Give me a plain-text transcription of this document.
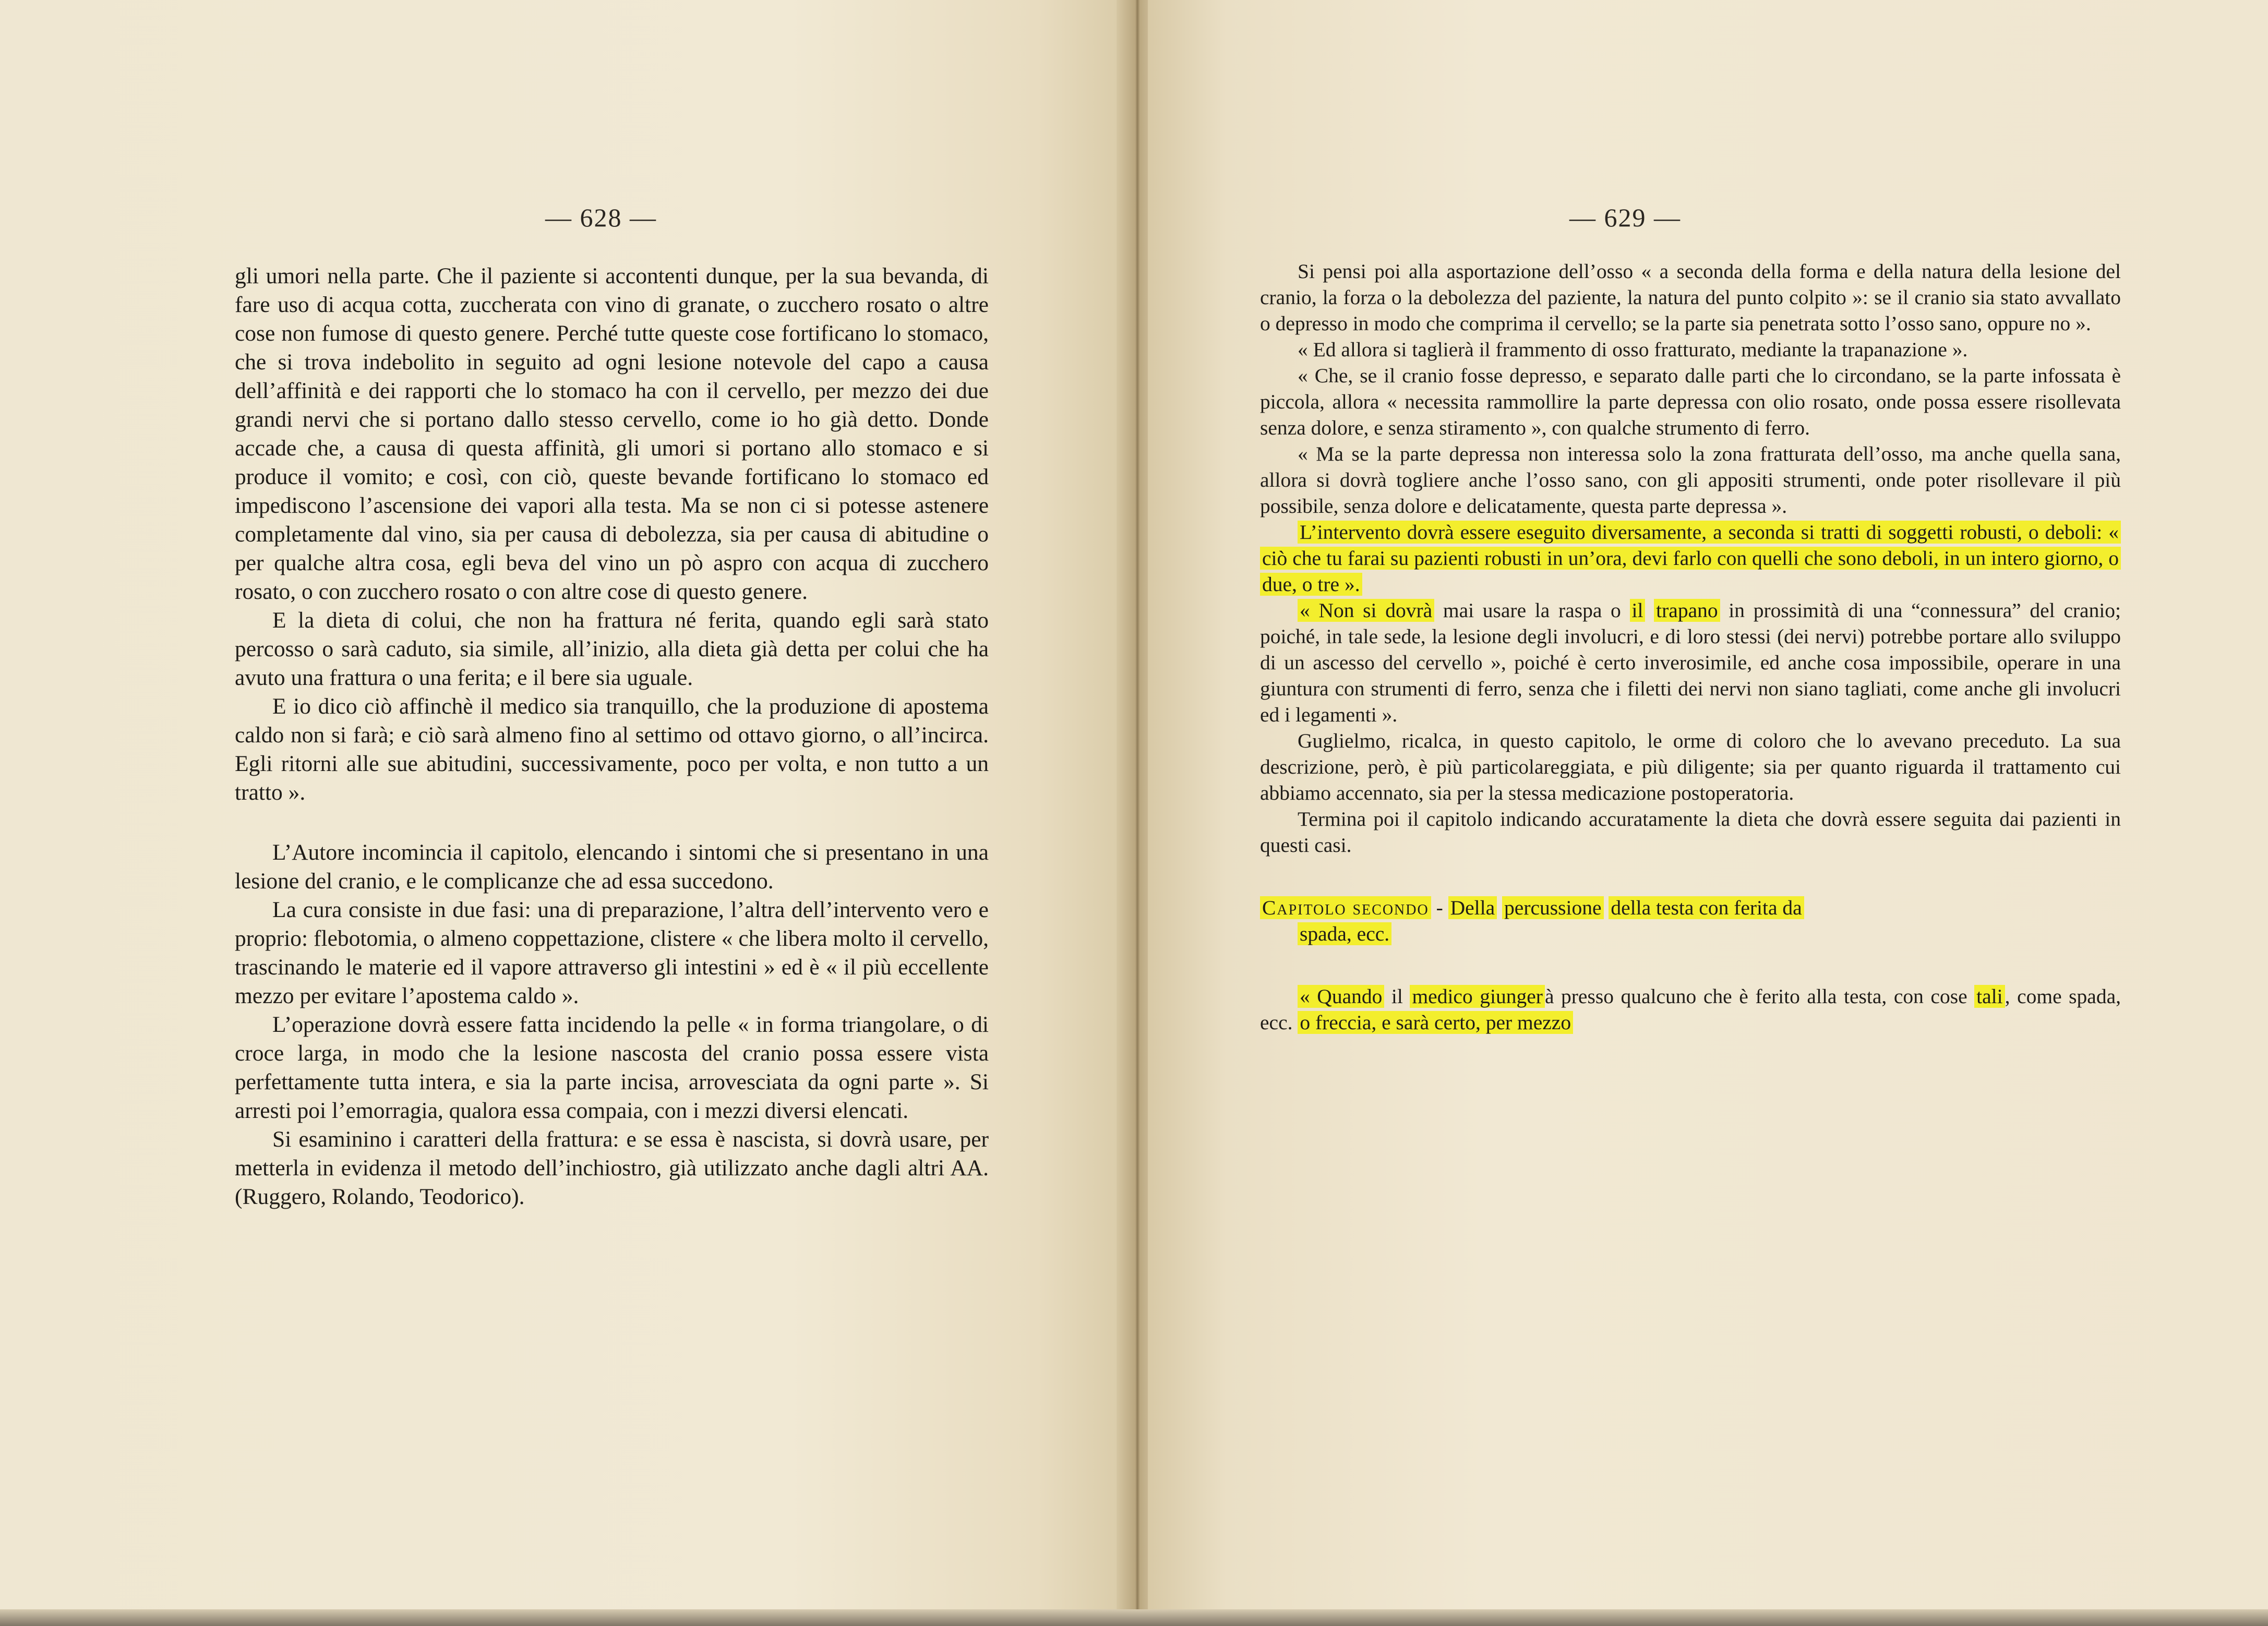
— 628 —

gli umori nella parte. Che il paziente si accontenti dunque, per la sua bevanda, di fare uso di acqua cotta, zuccherata con vino di granate, o zucchero rosato o altre cose non fumose di questo genere. Perché tutte queste cose fortificano lo stomaco, che si trova indebolito in seguito ad ogni lesione notevole del capo a causa dell’affinità e dei rapporti che lo stomaco ha con il cervello, per mezzo dei due grandi nervi che si portano dallo stesso cervello, come io ho già detto. Donde accade che, a causa di questa affinità, gli umori si portano allo stomaco e si produce il vomito; e così, con ciò, queste bevande fortificano lo stomaco ed impediscono l’ascensione dei vapori alla testa. Ma se non ci si potesse astenere completamente dal vino, sia per causa di debolezza, sia per causa di abitudine o per qualche altra cosa, egli beva del vino un pò aspro con acqua di zucchero rosato, o con zucchero rosato o con altre cose di questo genere.

E la dieta di colui, che non ha frattura né ferita, quando egli sarà stato percosso o sarà caduto, sia simile, all’inizio, alla dieta già detta per colui che ha avuto una frattura o una ferita; e il bere sia uguale.

E io dico ciò affinchè il medico sia tranquillo, che la produzione di apostema caldo non si farà; e ciò sarà almeno fino al settimo od ottavo giorno, o all’incirca. Egli ritorni alle sue abitudini, successivamente, poco per volta, e non tutto a un tratto ».

L’Autore incomincia il capitolo, elencando i sintomi che si presentano in una lesione del cranio, e le complicanze che ad essa succedono.

La cura consiste in due fasi: una di preparazione, l’altra dell’intervento vero e proprio: flebotomia, o almeno coppettazione, clistere « che libera molto il cervello, trascinando le materie ed il vapore attraverso gli intestini » ed è « il più eccellente mezzo per evitare l’apostema caldo ».

L’operazione dovrà essere fatta incidendo la pelle « in forma triangolare, o di croce larga, in modo che la lesione nascosta del cranio possa essere vista perfettamente tutta intera, e sia la parte incisa, arrovesciata da ogni parte ». Si arresti poi l’emorragia, qualora essa compaia, con i mezzi diversi elencati.

Si esaminino i caratteri della frattura: e se essa è nascista, si dovrà usare, per metterla in evidenza il metodo dell’inchiostro, già utilizzato anche dagli altri AA. (Ruggero, Rolando, Teodorico).

— 629 —

Si pensi poi alla asportazione dell’osso « a seconda della forma e della natura della lesione del cranio, la forza o la debolezza del paziente, la natura del punto colpito »: se il cranio sia stato avvallato o depresso in modo che comprima il cervello; se la parte sia penetrata sotto l’osso sano, oppure no ».

« Ed allora si taglierà il frammento di osso fratturato, mediante la trapanazione ».

« Che, se il cranio fosse depresso, e separato dalle parti che lo circondano, se la parte infossata è piccola, allora « necessita rammollire la parte depressa con olio rosato, onde possa essere risollevata senza dolore, e senza stiramento », con qualche strumento di ferro.

« Ma se la parte depressa non interessa solo la zona fratturata dell’osso, ma anche quella sana, allora si dovrà togliere anche l’osso sano, con gli appositi strumenti, onde poter risollevare il più possibile, senza dolore e delicatamente, questa parte depressa ».

L’intervento dovrà essere eseguito diversamente, a seconda si tratti di soggetti robusti, o deboli: « ciò che tu farai su pazienti robusti in un’ora, devi farlo con quelli che sono deboli, in un intero giorno, o due, o tre ».

« Non si dovrà mai usare la raspa o il trapano in prossimità di una “connessura” del cranio; poiché, in tale sede, la lesione degli involucri, e di loro stessi (dei nervi) potrebbe portare allo sviluppo di un ascesso del cervello », poiché è certo inverosimile, ed anche cosa impossibile, operare in una giuntura con strumenti di ferro, senza che i filetti dei nervi non siano tagliati, come anche gli involucri ed i legamenti ».

Guglielmo, ricalca, in questo capitolo, le orme di coloro che lo avevano preceduto. La sua descrizione, però, è più particolareggiata, e più diligente; sia per quanto riguarda il trattamento cui abbiamo accennato, sia per la stessa medicazione postoperatoria.

Termina poi il capitolo indicando accuratamente la dieta che dovrà essere seguita dai pazienti in questi casi.

Capitolo secondo - Della percussione della testa con ferita da
spada, ecc.

« Quando il medico giunger à presso qualcuno che è ferito alla testa, con cose tali , come spada, ecc. o freccia, e sarà certo, per mezzo
